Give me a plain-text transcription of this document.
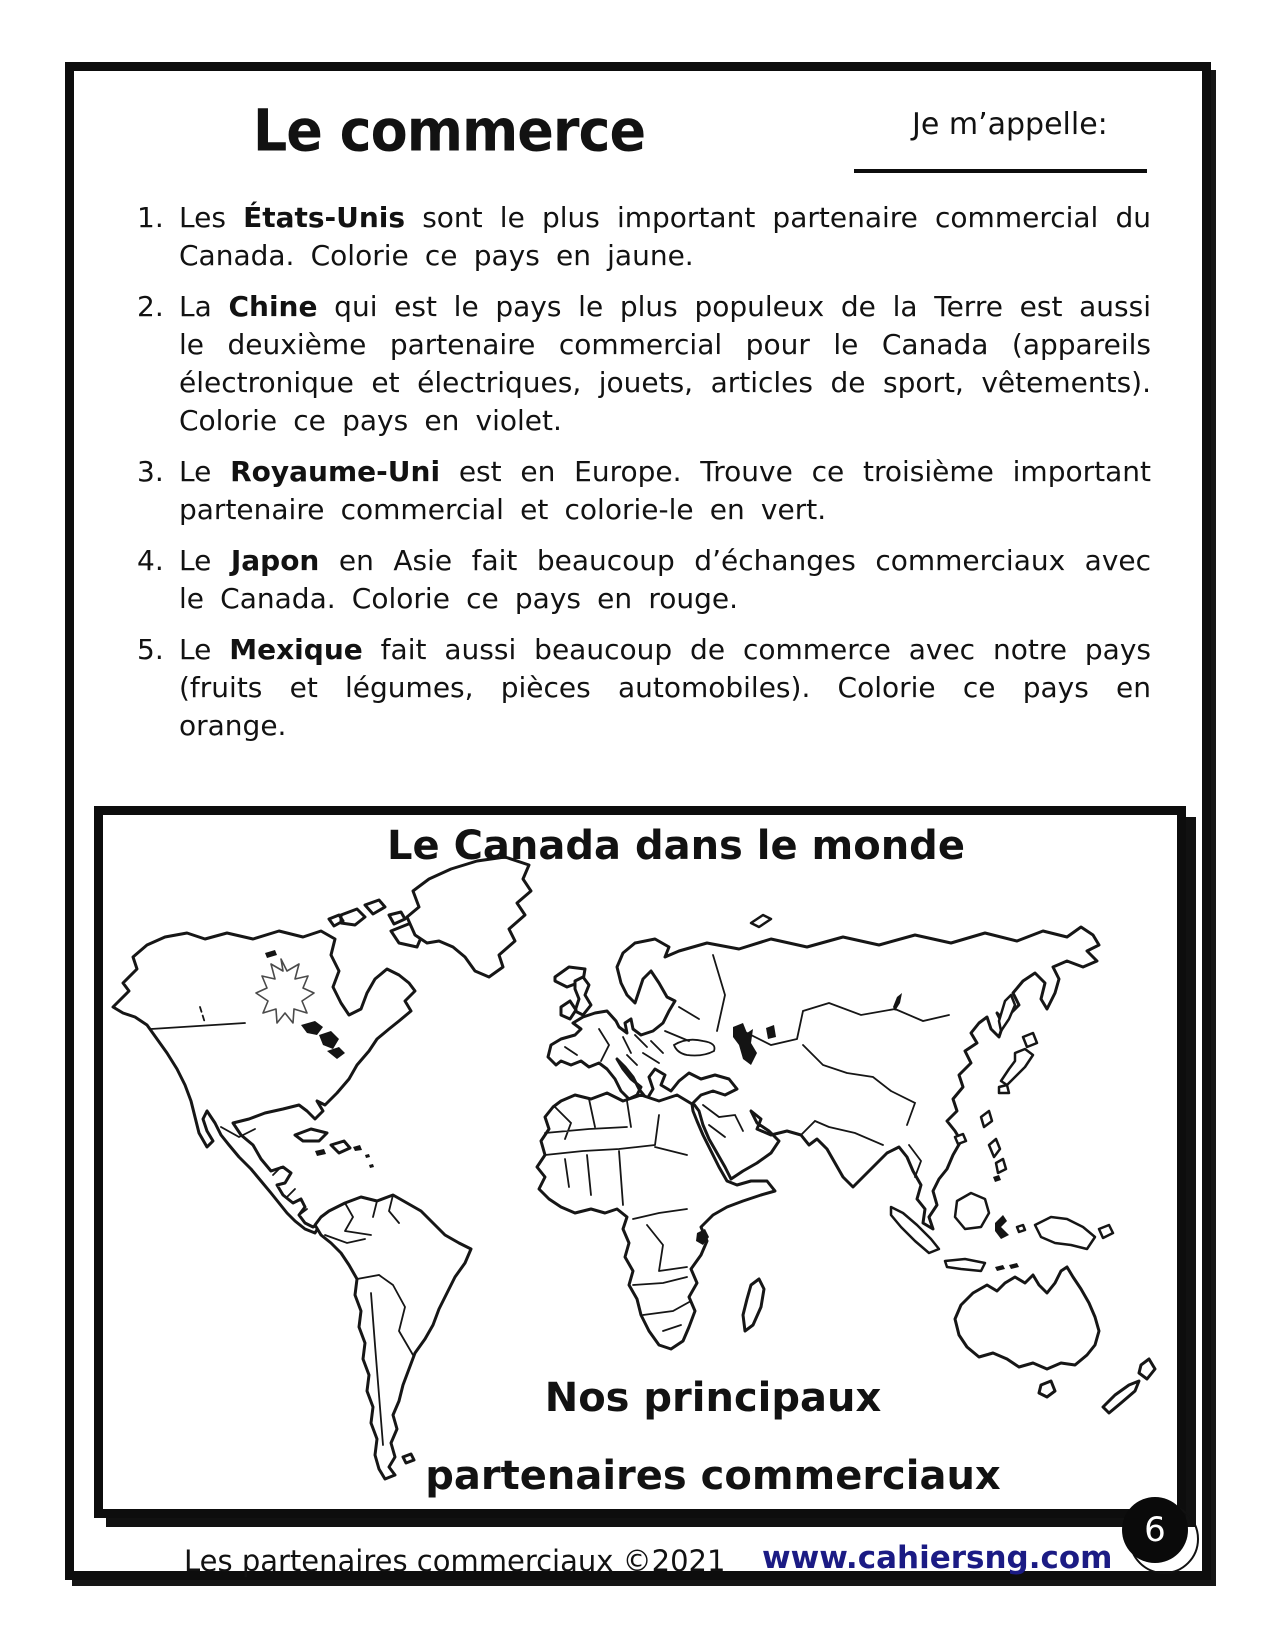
Le commerce	Je m’appelle:
1. Les États-Unis sont le plus important partenaire commercial du Canada. Colorie ce pays en jaune.
2. La Chine qui est le pays le plus populeux de la Terre est aussi le deuxième partenaire commercial pour le Canada (appareils électronique et électriques, jouets, articles de sport, vêtements). Colorie ce pays en violet.
3. Le Royaume-Uni est en Europe. Trouve ce troisième important partenaire commercial et colorie-le en vert.
4. Le Japon en Asie fait beaucoup d’échanges commerciaux avec le Canada. Colorie ce pays en rouge.
5. Le Mexique fait aussi beaucoup de commerce avec notre pays (fruits et légumes, pièces automobiles). Colorie ce pays en orange.
Le Canada dans le monde
Nos principaux
partenaires commerciaux
Les partenaires commerciaux ©2021 www.cahiersng.com
6
